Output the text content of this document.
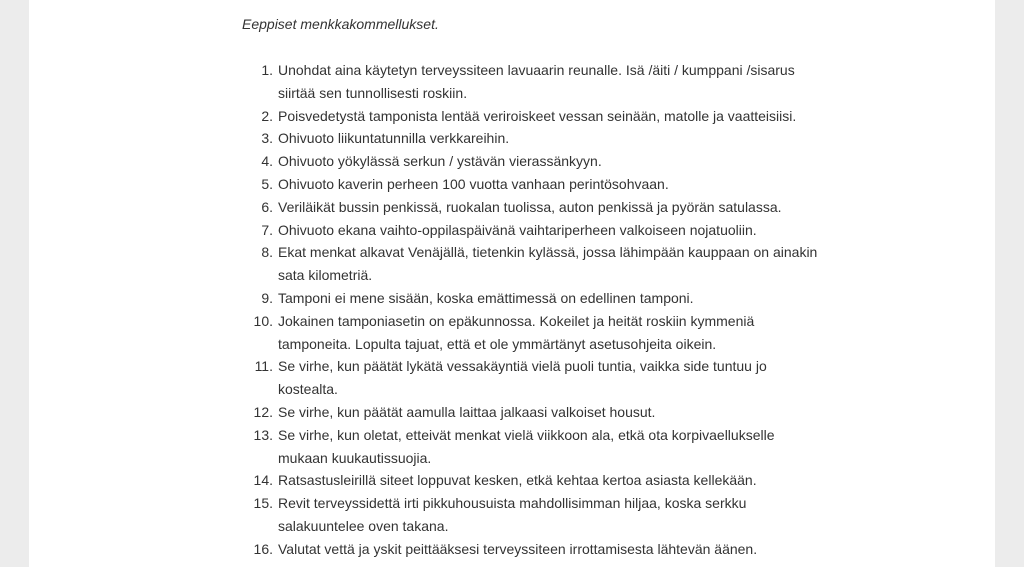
Eeppiset menkkakommellukset.

1. Unohdat aina käytetyn terveyssiteen lavuaarin reunalle. Isä /äiti / kumppani /sisarus siirtää sen tunnollisesti roskiin.
2. Poisvedetystä tamponista lentää veriroiskeet vessan seinään, matolle ja vaatteisiisi.
3. Ohivuoto liikuntatunnilla verkkareihin.
4. Ohivuoto yökylässä serkun / ystävän vierassänkyyn.
5. Ohivuoto kaverin perheen 100 vuotta vanhaan perintösohvaan.
6. Veriläikät bussin penkissä, ruokalan tuolissa, auton penkissä ja pyörän satulassa.
7. Ohivuoto ekana vaihto-oppilaspäivänä vaihtariperheen valkoiseen nojatuoliin.
8. Ekat menkat alkavat Venäjällä, tietenkin kylässä, jossa lähimpään kauppaan on ainakin sata kilometriä.
9. Tamponi ei mene sisään, koska emättimessä on edellinen tamponi.
10. Jokainen tamponiasetin on epäkunnossa. Kokeilet ja heität roskiin kymmeniä tamponeita. Lopulta tajuat, että et ole ymmärtänyt asetusohjeita oikein.
11. Se virhe, kun päätät lykätä vessakäyntiä vielä puoli tuntia, vaikka side tuntuu jo kostealta.
12. Se virhe, kun päätät aamulla laittaa jalkaasi valkoiset housut.
13. Se virhe, kun oletat, etteivät menkat vielä viikkoon ala, etkä ota korpivaellukselle mukaan kuukautissuojia.
14. Ratsastusleirillä siteet loppuvat kesken, etkä kehtaa kertoa asiasta kellekään.
15. Revit terveyssidettä irti pikkuhousuista mahdollisimman hiljaa, koska serkku salakuuntelee oven takana.
16. Valutat vettä ja yskit peittääksesi terveyssiteen irrottamisesta lähtevän äänen.
